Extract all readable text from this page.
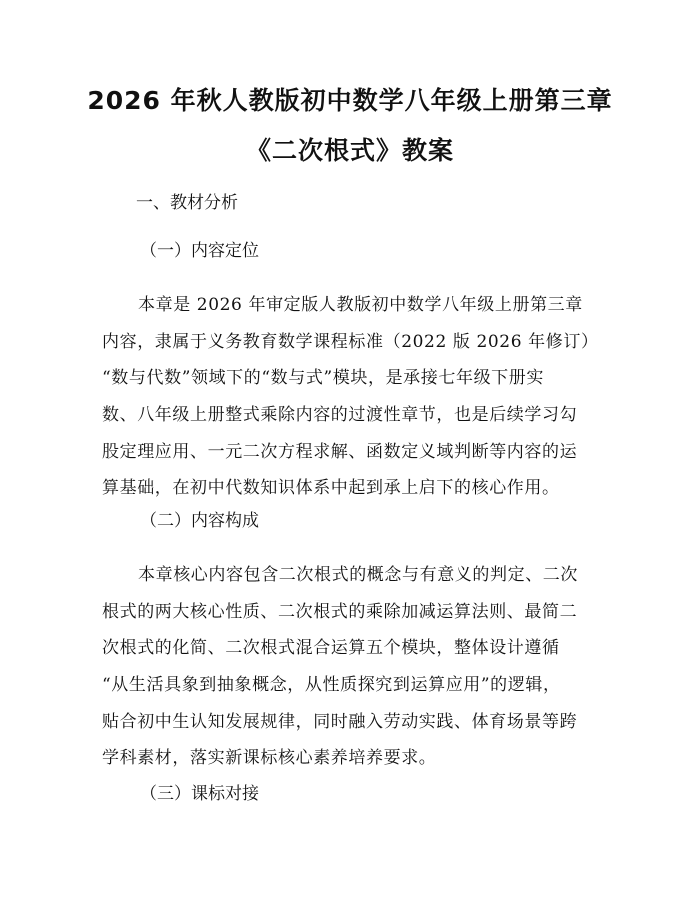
2026 年秋人教版初中数学八年级上册第三章
《二次根式》教案
一、教材分析
（一）内容定位
本章是 2026 年审定版人教版初中数学八年级上册第三章
内容，隶属于义务教育数学课程标准（2022 版 2026 年修订）
“数与代数”领域下的“数与式”模块，是承接七年级下册实
数、八年级上册整式乘除内容的过渡性章节，也是后续学习勾
股定理应用、一元二次方程求解、函数定义域判断等内容的运
算基础，在初中代数知识体系中起到承上启下的核心作用。
（二）内容构成
本章核心内容包含二次根式的概念与有意义的判定、二次
根式的两大核心性质、二次根式的乘除加减运算法则、最简二
次根式的化简、二次根式混合运算五个模块，整体设计遵循
“从生活具象到抽象概念，从性质探究到运算应用”的逻辑，
贴合初中生认知发展规律，同时融入劳动实践、体育场景等跨
学科素材，落实新课标核心素养培养要求。
（三）课标对接
